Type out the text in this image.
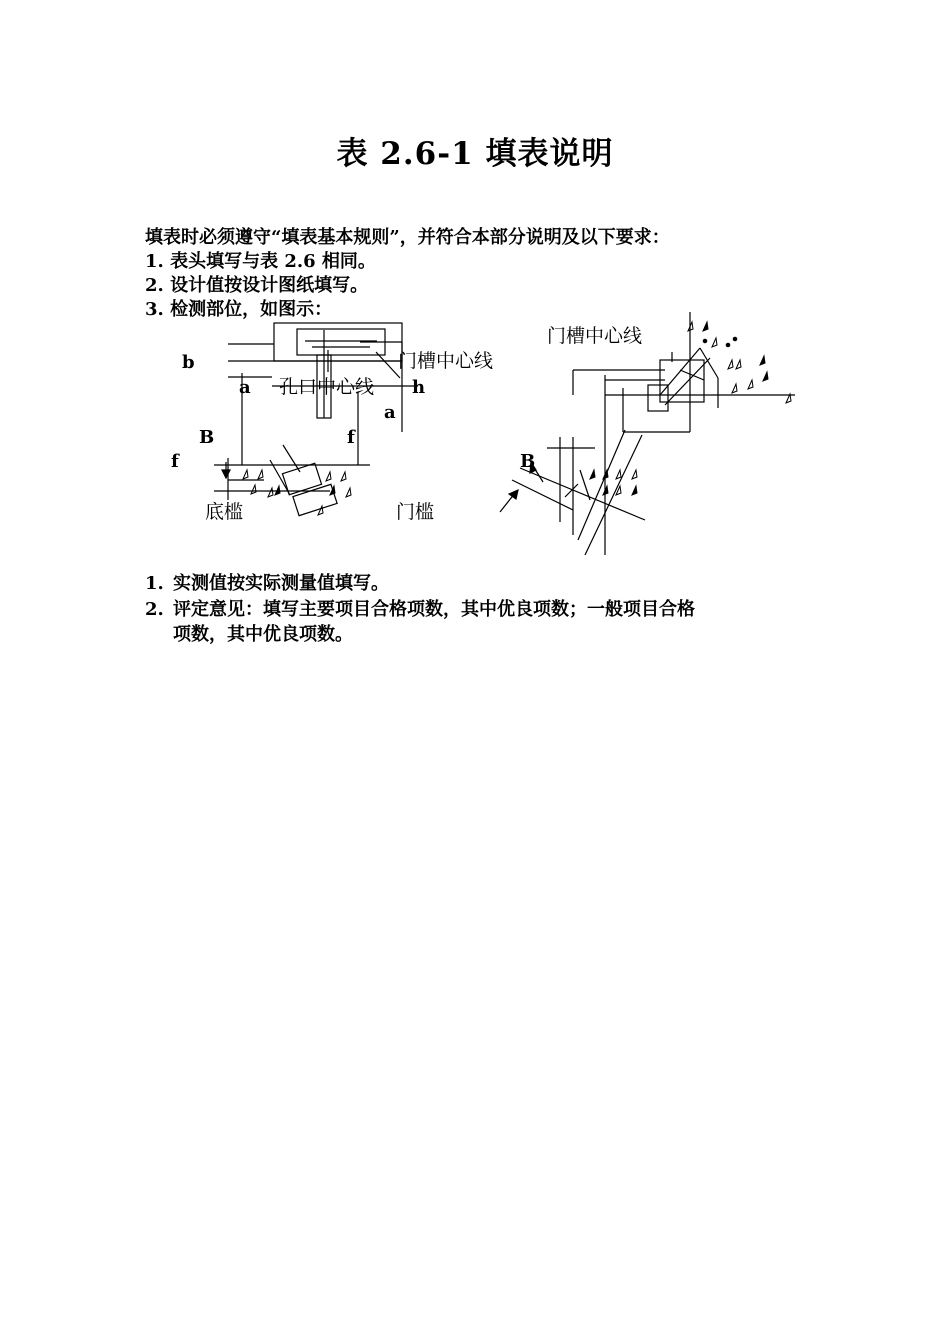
表 2.6-1 填表说明
填表时必须遵守“填表基本规则”，并符合本部分说明及以下要求：
1. 表头填写与表 2.6 相同。
2. 设计值按设计图纸填写。
3. 检测部位，如图示：
b
a 孔口中心线 h
门槽中心线
a
B	f
f
底槛	门槛
门槽中心线
B
1. 实测值按实际测量值填写。
2. 评定意见：填写主要项目合格项数，其中优良项数；一般项目合格
项数，其中优良项数。
